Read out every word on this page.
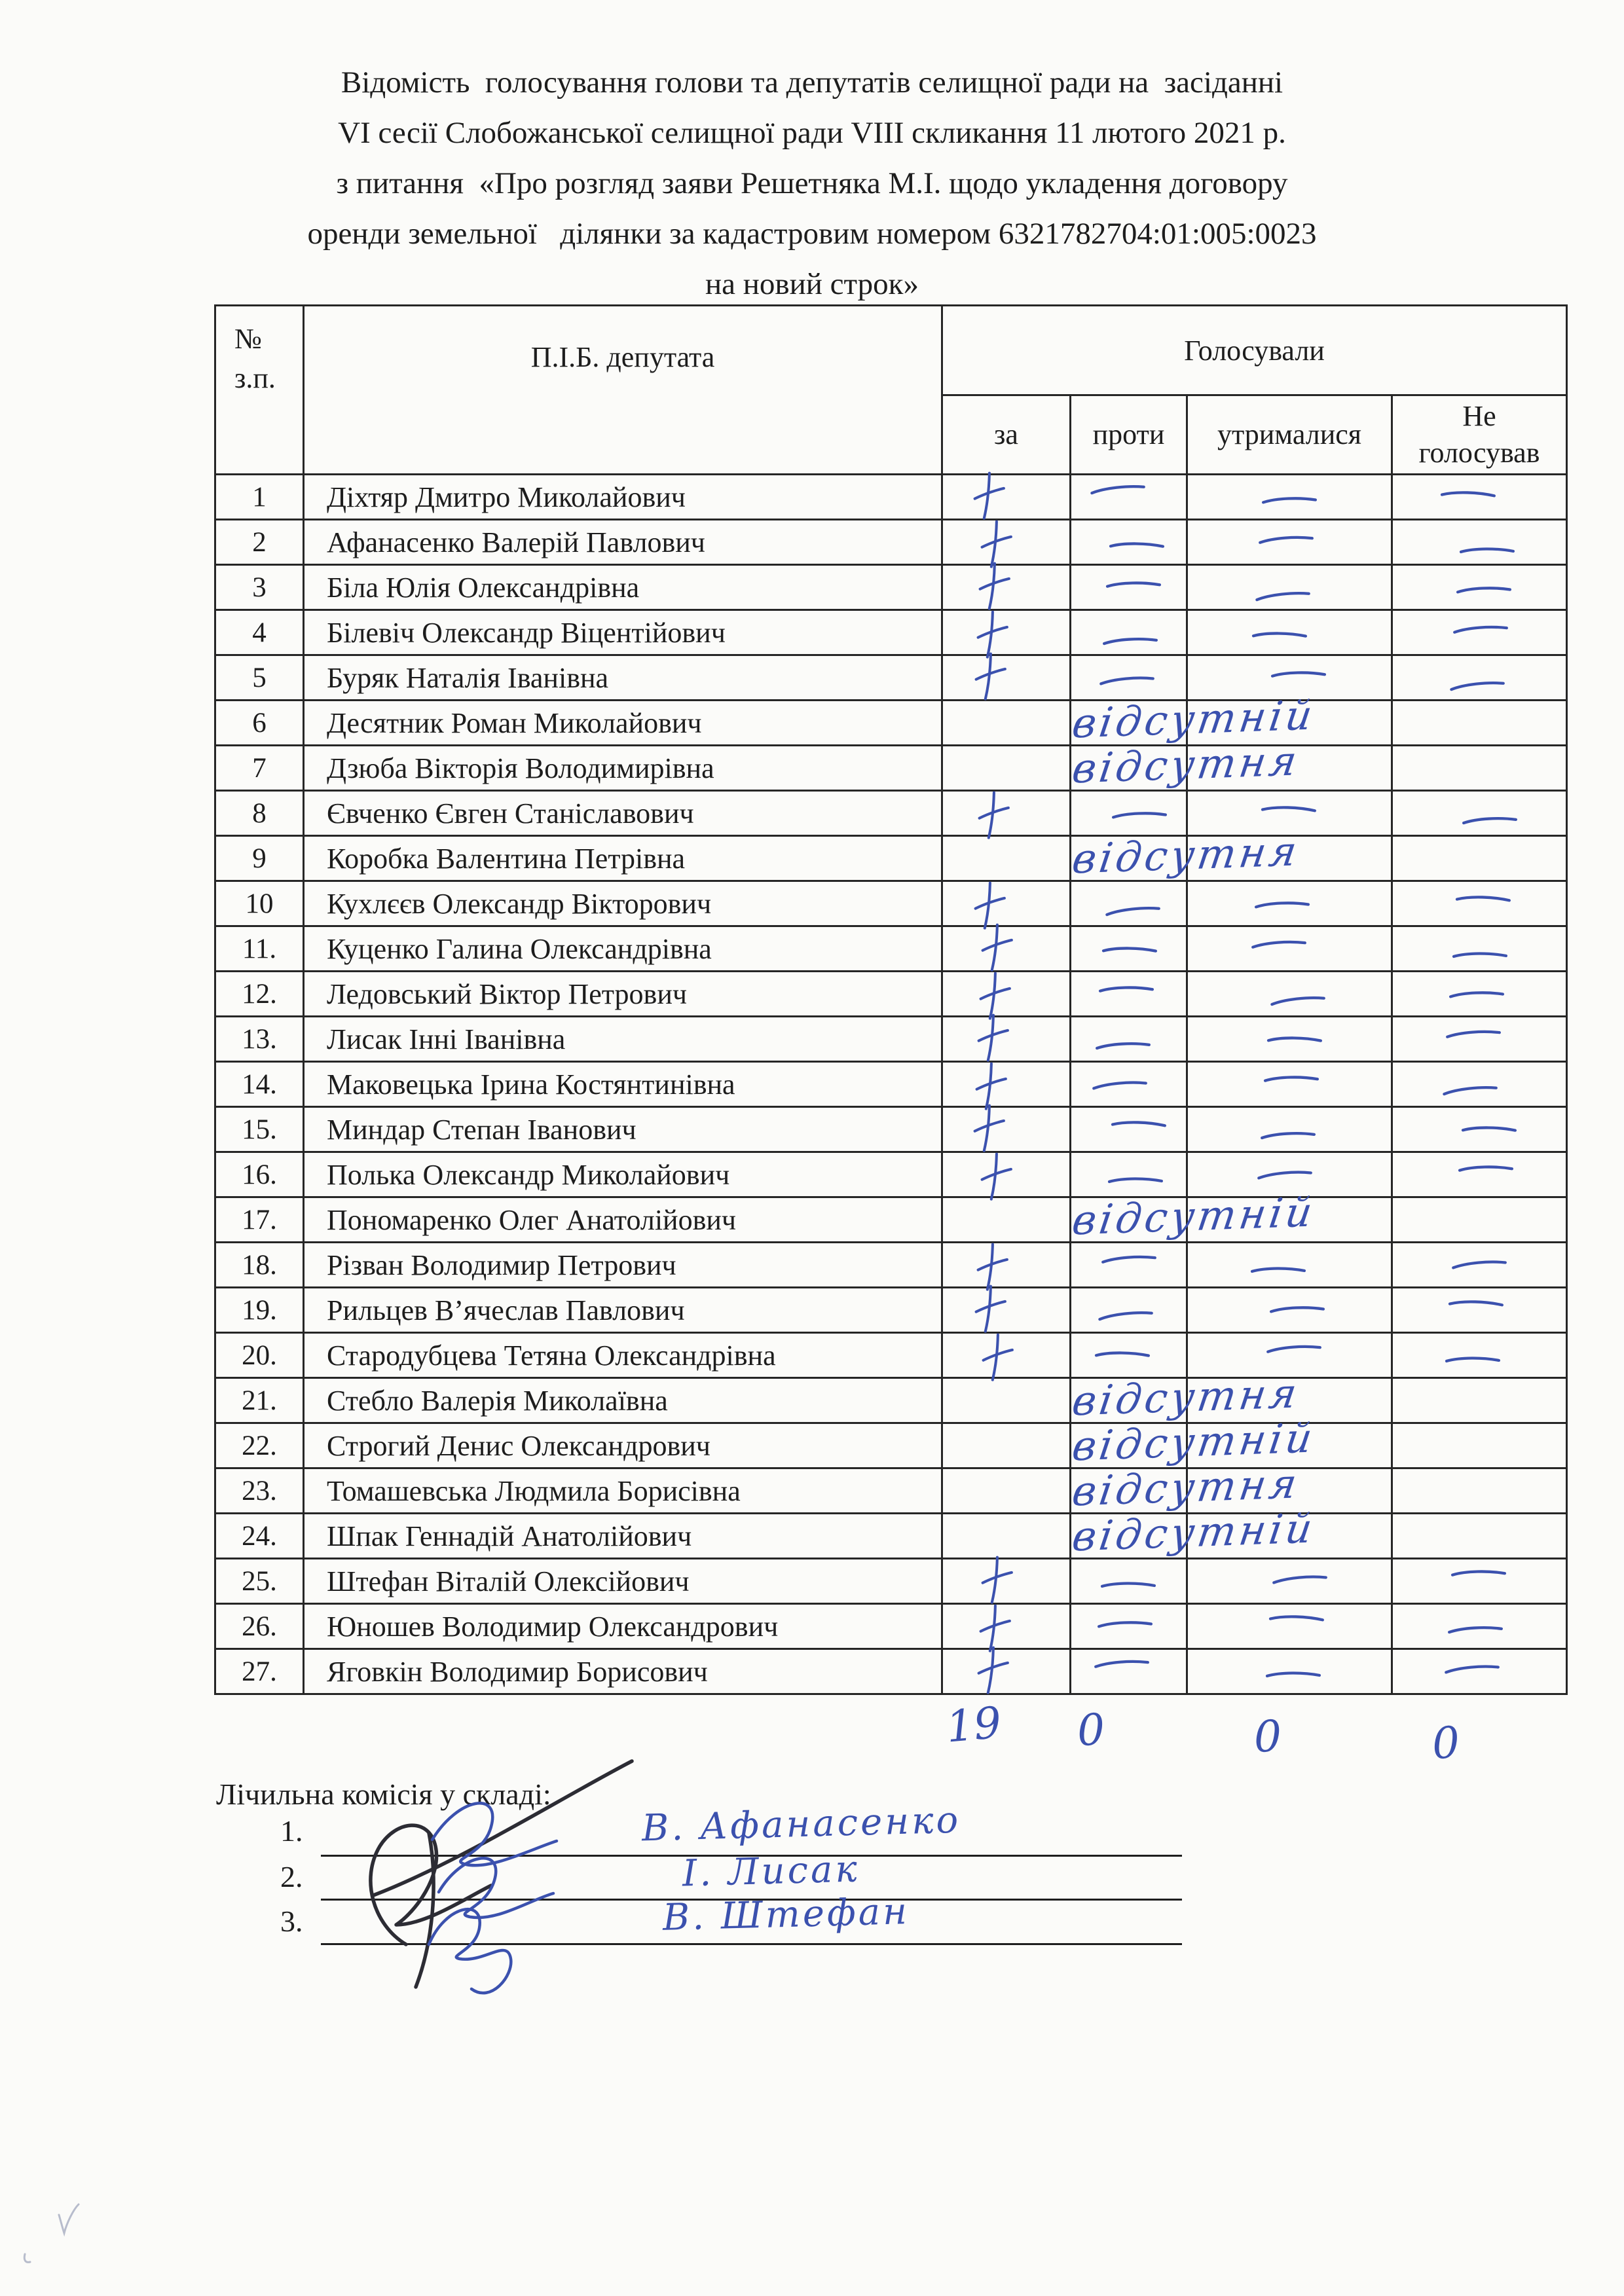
Відомість  голосування голови та депутатів селищної ради на  засіданні
VI сесії Слобожанської селищної ради VIII скликання 11 лютого 2021 р.
з питання  «Про розгляд заяви Решетняка М.І. щодо укладення договору
оренди земельної   ділянки за кадастровим номером 6321782704:01:005:0023
на новий строк»
№
з.п.	П.І.Б. депутата	Голосували			
		за	проти	утрималися	Не голосував
1	Діхтяр Дмитро Миколайович	

2	Афанасенко Валерій Павлович	

3	Біла Юлія Олександрівна	

4	Білевіч Олександр Віцентійович	

5	Буряк Наталія Іванівна	

6	Десятник Роман Миколайович		відсутній		

7	Дзюба Вікторія Володимирівна		відсутня		

8	Євченко Євген Станіславович	

9	Коробка Валентина Петрівна		відсутня		

10	Кухлєєв Олександр Вікторович	

11.	Куценко Галина Олександрівна	

12.	Ледовський Віктор Петрович	

13.	Лисак Інні Іванівна	

14.	Маковецька Ірина Костянтинівна	

15.	Миндар Степан Іванович	

16.	Полька Олександр Миколайович	

17.	Пономаренко Олег Анатолійович		відсутній		

18.	Різван Володимир Петрович	

19.	Рильцев В’ячеслав Павлович	

20.	Стародубцева Тетяна Олександрівна	

21.	Стебло Валерія Миколаївна		відсутня		

22.	Строгий Денис Олександрович		відсутній		

23.	Томашевська Людмила Борисівна		відсутня		

24.	Шпак Геннадій Анатолійович		відсутній		

25.	Штефан Віталій Олексійович	

26.	Юношев Володимир Олександрович	

27.	Яговкін Володимир Борисович	

19 0	0	0
Лічильна комісія у складі:
1.
2.
3.
В. Афанасенко
І. Лисак
В. Штефан
